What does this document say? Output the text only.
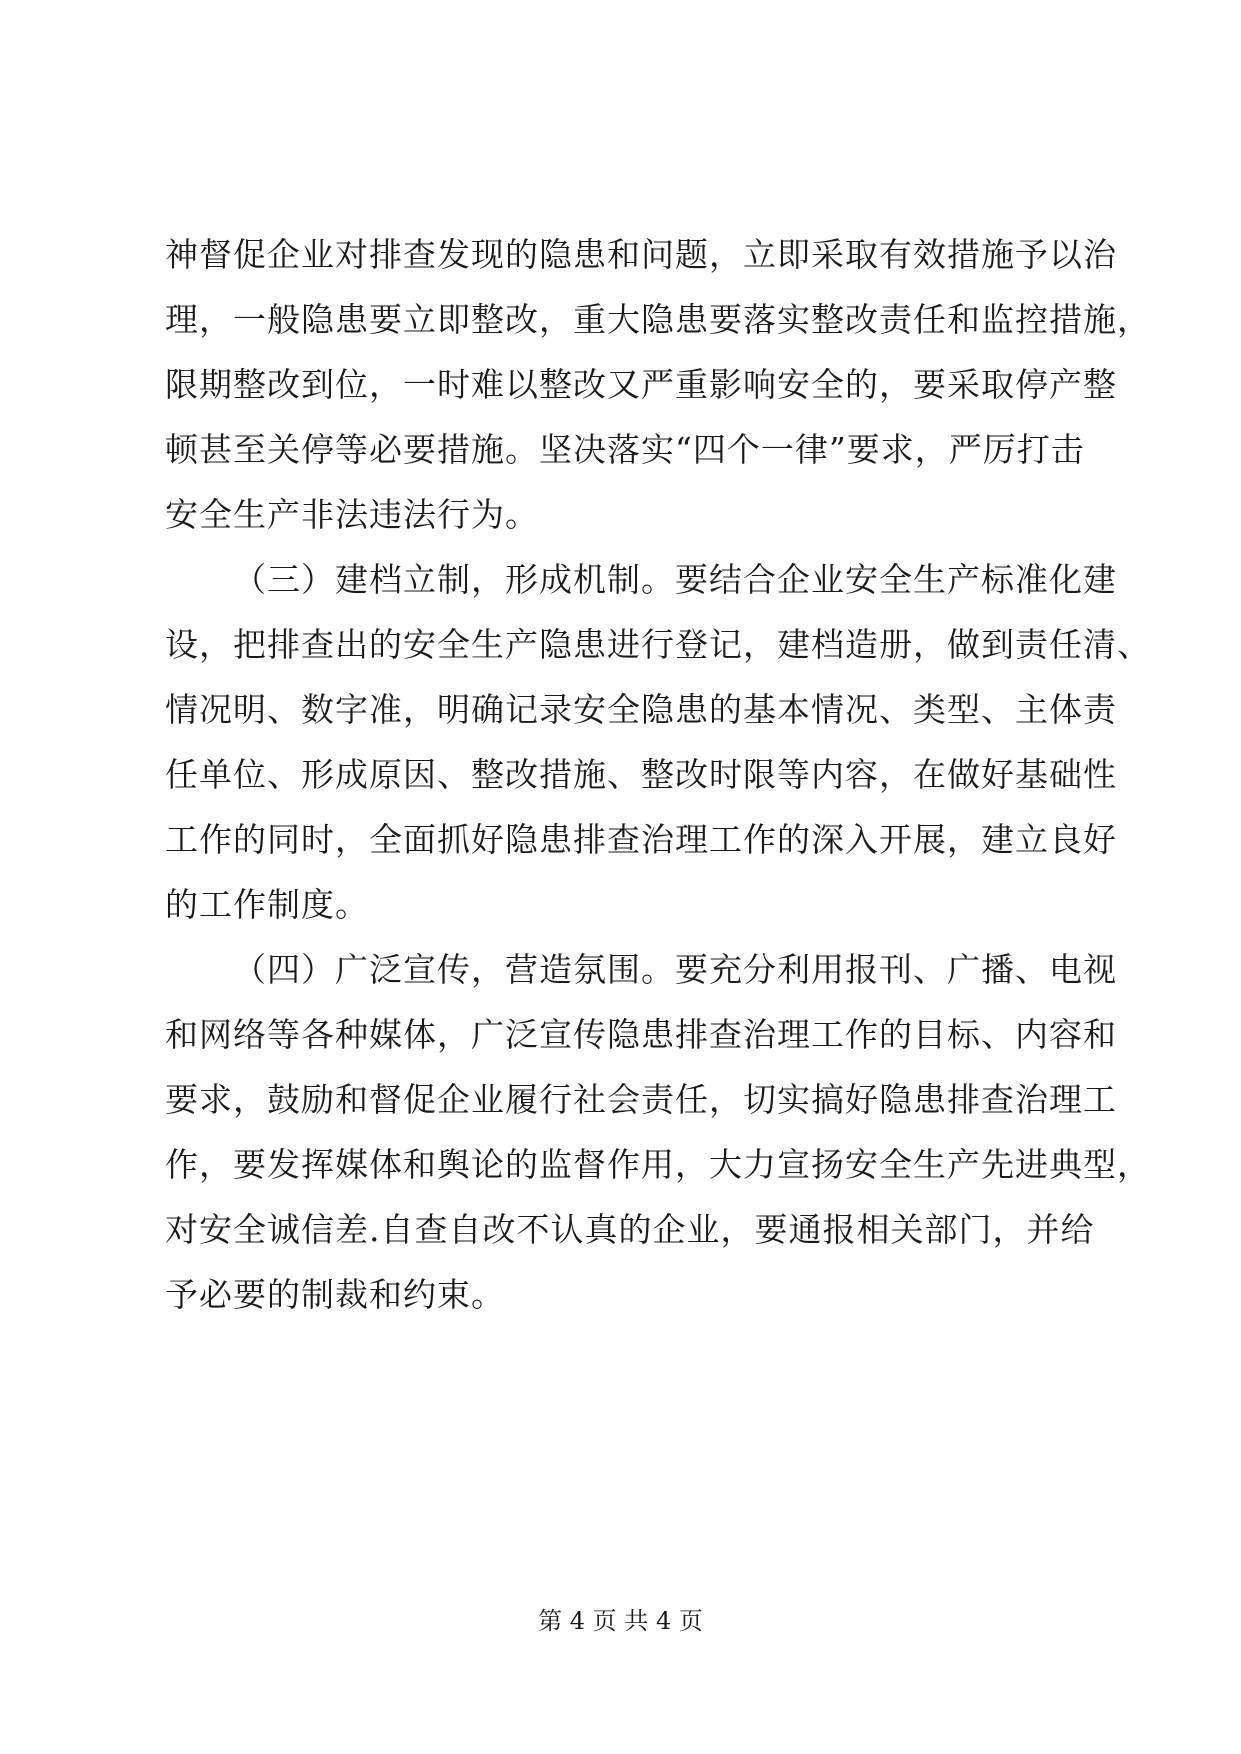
神督促企业对排查发现的隐患和问题，立即采取有效措施予以治
理，一般隐患要立即整改，重大隐患要落实整改责任和监控措施，
限期整改到位，一时难以整改又严重影响安全的，要采取停产整
顿甚至关停等必要措施。坚决落实“四个一律”要求，严厉打击
安全生产非法违法行为。
（三）建档立制，形成机制。要结合企业安全生产标准化建
设，把排查出的安全生产隐患进行登记，建档造册，做到责任清、
情况明、数字准，明确记录安全隐患的基本情况、类型、主体责
任单位、形成原因、整改措施、整改时限等内容，在做好基础性
工作的同时，全面抓好隐患排查治理工作的深入开展，建立良好
的工作制度。
（四）广泛宣传，营造氛围。要充分利用报刊、广播、电视
和网络等各种媒体，广泛宣传隐患排查治理工作的目标、内容和
要求，鼓励和督促企业履行社会责任，切实搞好隐患排查治理工
作，要发挥媒体和舆论的监督作用，大力宣扬安全生产先进典型，
对安全诚信差.自查自改不认真的企业，要通报相关部门，并给
予必要的制裁和约束。
第 4 页 共 4 页
